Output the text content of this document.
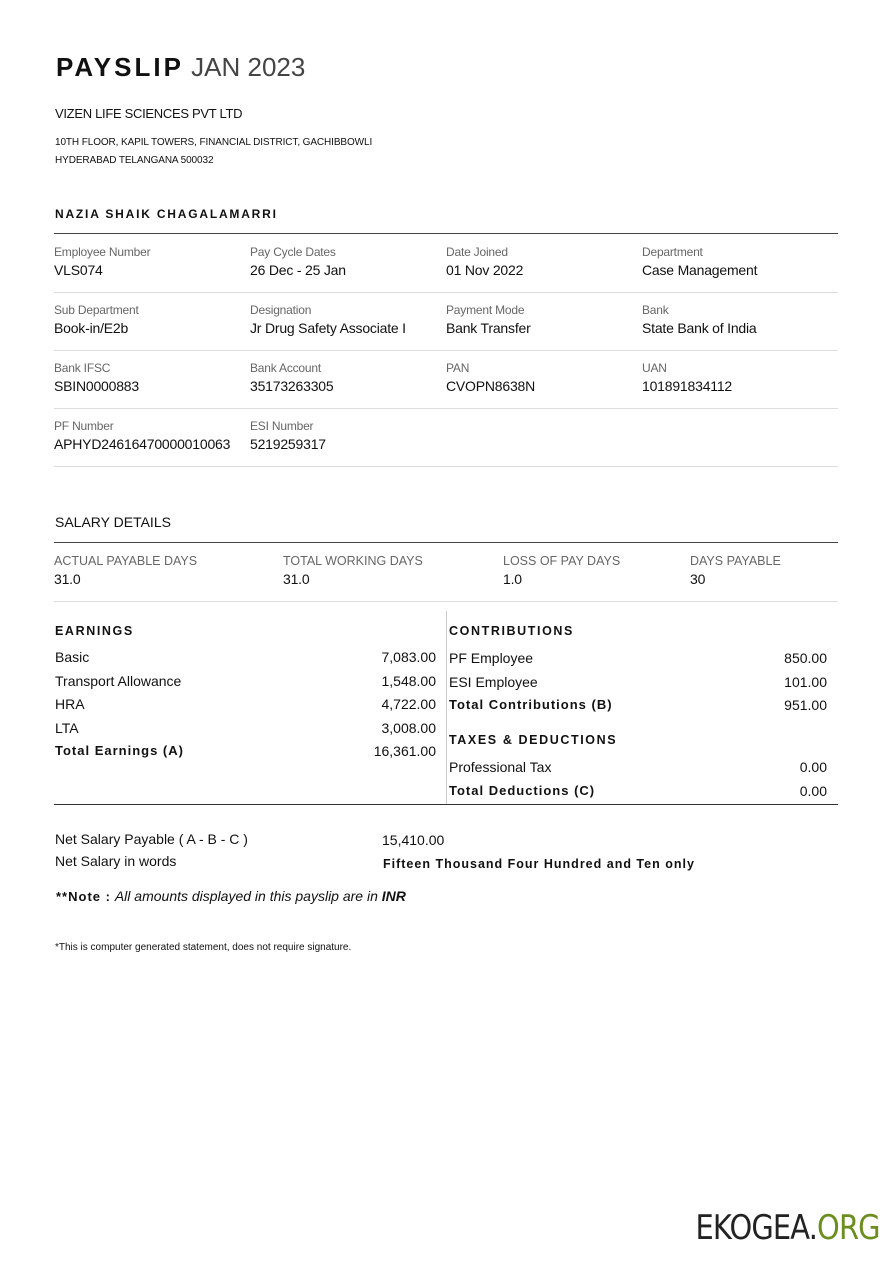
PAYSLIP JAN 2023
VIZEN LIFE SCIENCES PVT LTD
10TH FLOOR, KAPIL TOWERS, FINANCIAL DISTRICT, GACHIBBOWLI
HYDERABAD TELANGANA 500032
NAZIA SHAIK CHAGALAMARRI
Employee Number
VLS074
Pay Cycle Dates
26 Dec - 25 Jan
Date Joined
01 Nov 2022
Department
Case Management
Sub Department
Book-in/E2b
Designation
Jr Drug Safety Associate I
Payment Mode
Bank Transfer
Bank
State Bank of India
Bank IFSC
SBIN0000883
Bank Account
35173263305
PAN
CVOPN8638N
UAN
101891834112
PF Number
APHYD24616470000010063
ESI Number
5219259317
SALARY DETAILS
ACTUAL PAYABLE DAYS
31.0
TOTAL WORKING DAYS
31.0
LOSS OF PAY DAYS
1.0
DAYS PAYABLE
30
EARNINGS
Basic	7,083.00
Transport Allowance	1,548.00
HRA	4,722.00
LTA	3,008.00
Total Earnings (A)	16,361.00
CONTRIBUTIONS
PF Employee	850.00
ESI Employee	101.00
Total Contributions (B)	951.00
TAXES & DEDUCTIONS
Professional Tax	0.00
Total Deductions (C)	0.00
Net Salary Payable ( A - B - C )	15,410.00
Net Salary in words	Fifteen Thousand Four Hundred and Ten only
**Note : All amounts displayed in this payslip are in INR
*This is computer generated statement, does not require signature.
EKOGEA.ORG
